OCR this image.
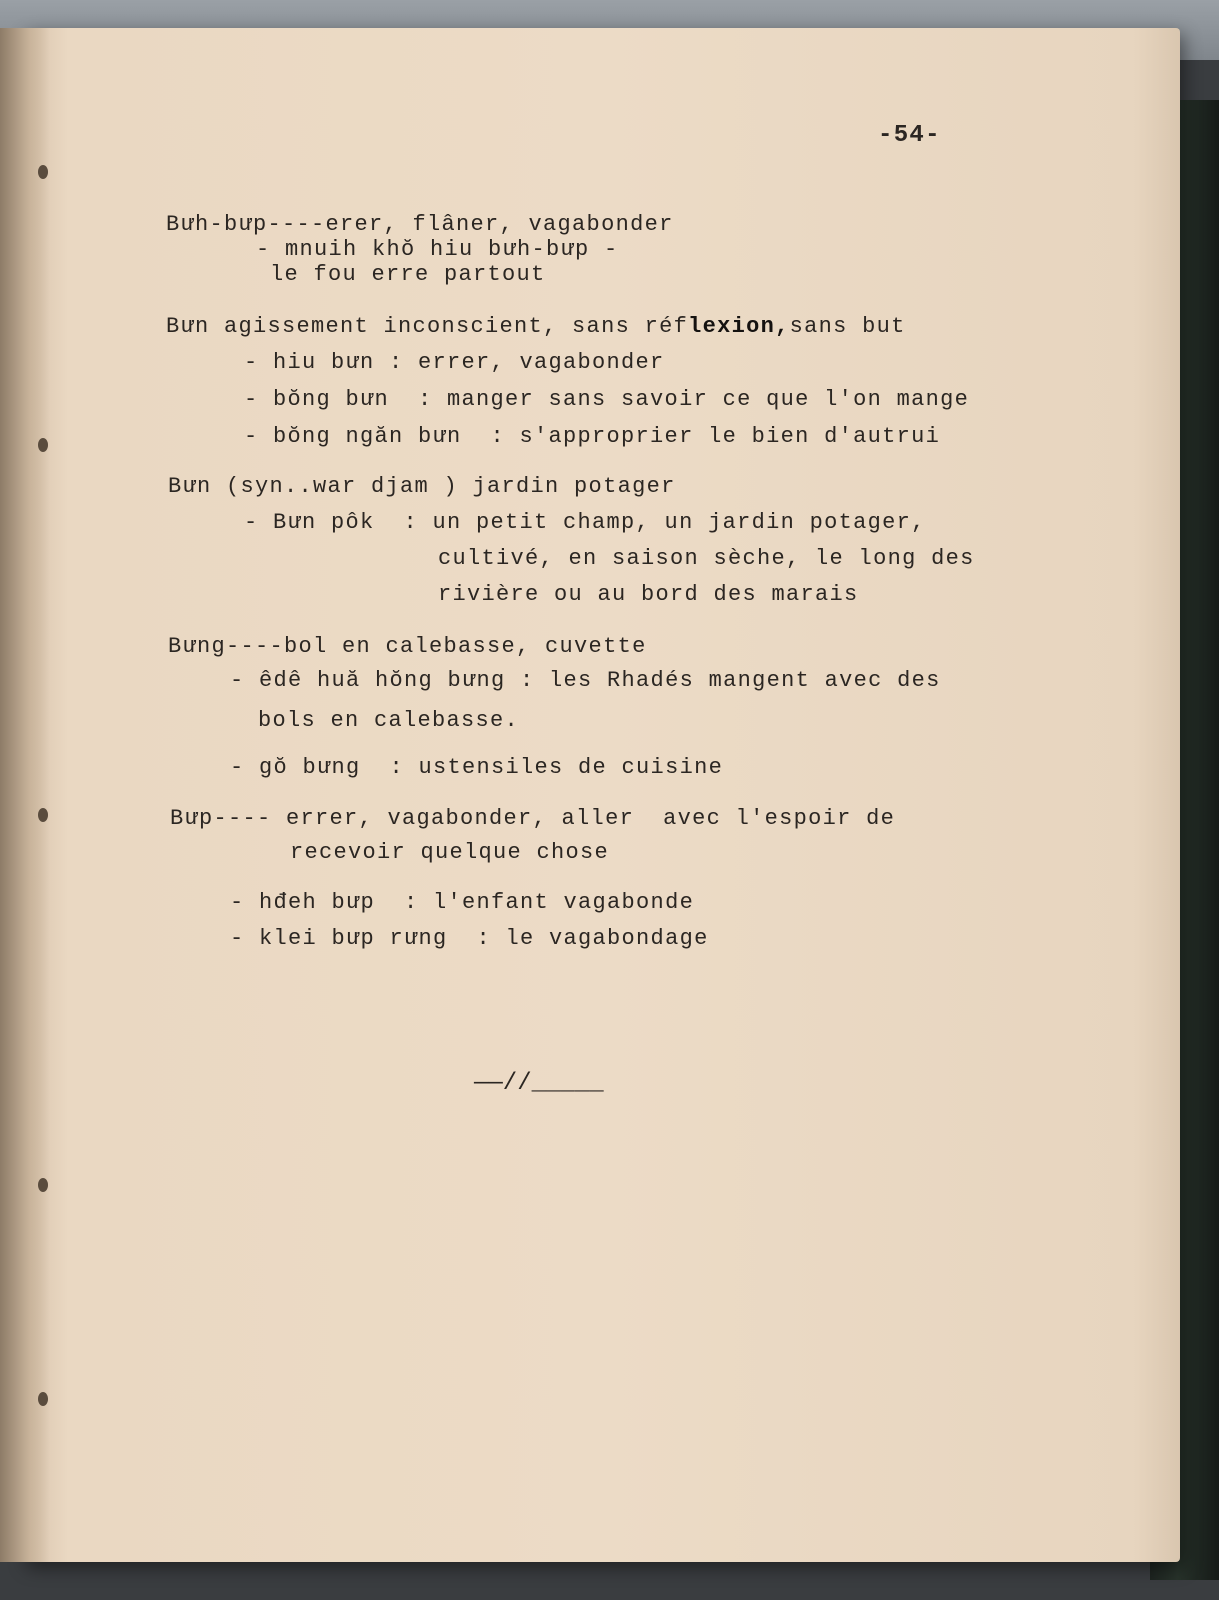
-54-
Bưh-bưp----erer, flâner, vagabonder
- mnuih khŏ hiu bưh-bưp -
le fou erre partout
Bưn agissement inconscient, sans réflexion,sans but
- hiu bưn : errer, vagabonder
- bŏng bưn  : manger sans savoir ce que l'on mange
- bŏng ngăn bưn  : s'approprier le bien d'autrui
Bưn (syn..war djam ) jardin potager
- Bưn pôk  : un petit champ, un jardin potager,
cultivé, en saison sèche, le long des
rivière ou au bord des marais
Bưng----bol en calebasse, cuvette
- êdê huă hŏng bưng : les Rhadés mangent avec des
bols en calebasse.
- gŏ bưng  : ustensiles de cuisine
Bưp---- errer, vagabonder, aller  avec l'espoir de
recevoir quelque chose
- hđeh bưp  : l'enfant vagabonde
- klei bưp rưng  : le vagabondage
——//_____
